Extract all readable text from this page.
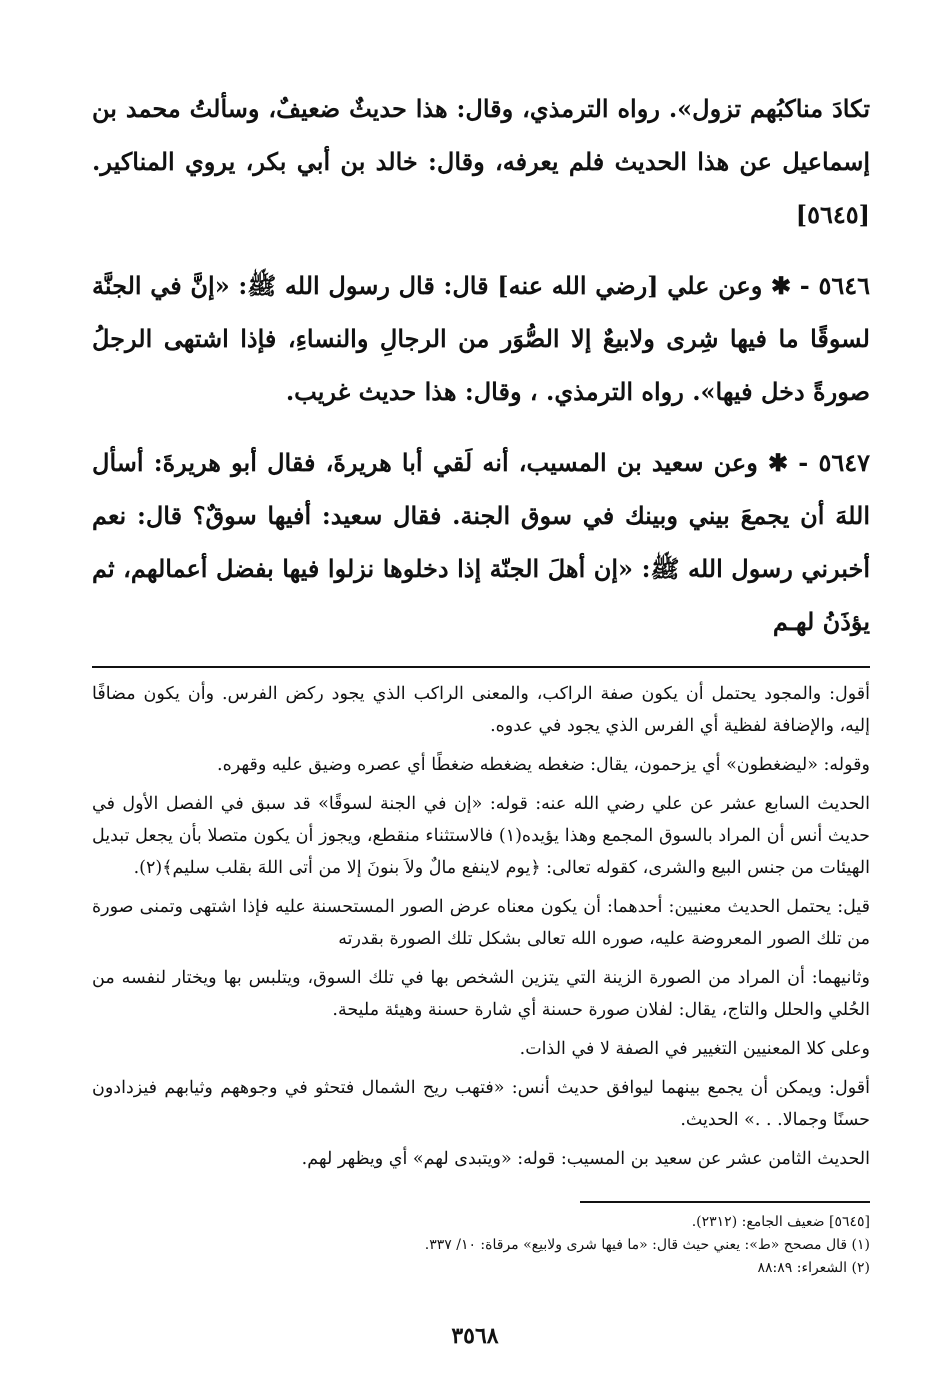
تكادَ مناكبُهم تزول». رواه الترمذي، وقال: هذا حديثٌ ضعيفٌ، وسألتُ محمد بن إسماعيل عن هذا الحديث فلم يعرفه، وقال: خالد بن أبي بكر، يروي المناكير. [٥٦٤٥]

٥٦٤٦ - ✱ وعن علي [رضي الله عنه] قال: قال رسول الله ﷺ: «إنَّ في الجنَّة لسوقًا ما فيها شِرى ولابيعٌ إلا الصُّوَر من الرجالِ والنساءِ، فإذا اشتهى الرجلُ صورةً دخل فيها». رواه الترمذي. ، وقال: هذا حديث غريب.

٥٦٤٧ - ✱ وعن سعيد بن المسيب، أنه لَقي أبا هريرةَ، فقال أبو هريرةَ: أسأل اللهَ أن يجمعَ بيني وبينك في سوق الجنة. فقال سعيد: أفيها سوقٌ؟ قال: نعم أخبرني رسول الله ﷺ: «إن أهلَ الجنّة إذا دخلوها نزلوا فيها بفضل أعمالهم، ثم يؤذَنُ لهـم

أقول: والمجود يحتمل أن يكون صفة الراكب، والمعنى الراكب الذي يجود ركض الفرس. وأن يكون مضافًا إليه، والإضافة لفظية أي الفرس الذي يجود في عدوه.

وقوله: «ليضغطون» أي يزحمون، يقال: ضغطه يضغطه ضغطًا أي عصره وضيق عليه وقهره.

الحديث السابع عشر عن علي رضي الله عنه: قوله: «إن في الجنة لسوقًا» قد سبق في الفصل الأول في حديث أنس أن المراد بالسوق المجمع وهذا يؤيده(١) فالاستثناء منقطع، ويجوز أن يكون متصلا بأن يجعل تبديل الهيئات من جنس البيع والشرى، كقوله تعالى: ﴿يوم لاينفع مالٌ ولاَ بنونَ إلا من أتى اللهَ بقلب سليم﴾(٢).

قيل: يحتمل الحديث معنيين: أحدهما: أن يكون معناه عرض الصور المستحسنة عليه فإذا اشتهى وتمنى صورة من تلك الصور المعروضة عليه، صوره الله تعالى بشكل تلك الصورة بقدرته

وثانيهما: أن المراد من الصورة الزينة التي يتزين الشخص بها في تلك السوق، ويتلبس بها ويختار لنفسه من الحُلي والحلل والتاج، يقال: لفلان صورة حسنة أي شارة حسنة وهيئة مليحة.

وعلى كلا المعنيين التغيير في الصفة لا في الذات.

أقول: ويمكن أن يجمع بينهما ليوافق حديث أنس: «فتهب ريح الشمال فتحثو في وجوههم وثيابهم فيزدادون حسنًا وجمالا. . .» الحديث.

الحديث الثامن عشر عن سعيد بن المسيب: قوله: «ويتبدى لهم» أي ويظهر لهم.

[٥٦٤٥] ضعيف الجامع: (٢٣١٢).

(١) قال مصحح «ط»: يعني حيث قال: «ما فيها شرى ولابيع» مرقاة: ١٠/ ٣٣٧.

(٢) الشعراء: ٨٨:٨٩

٣٥٦٨
